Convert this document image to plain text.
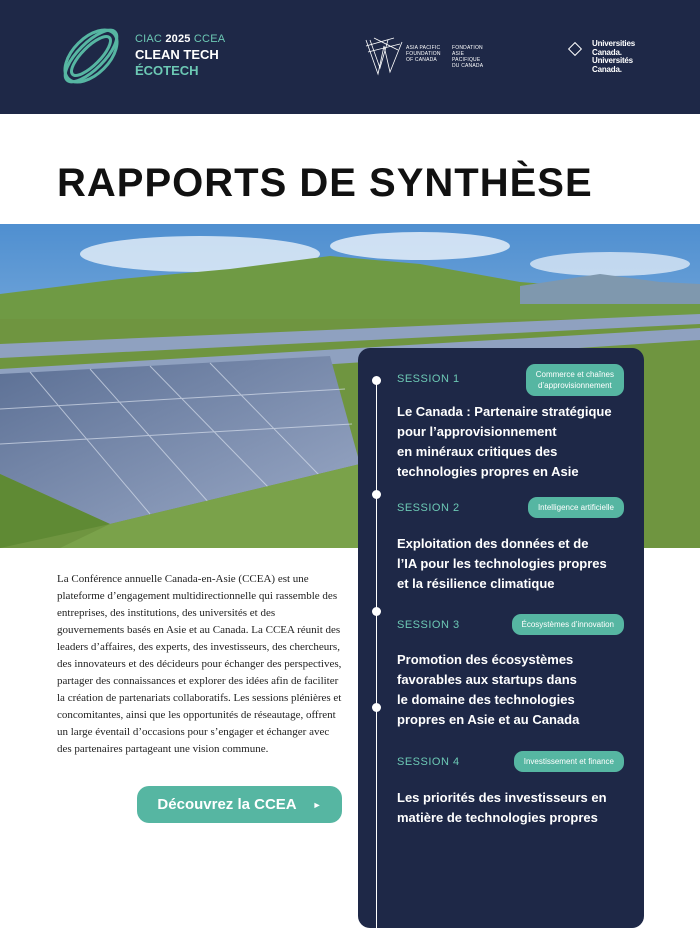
CIAC 2025 CCEA
CLEAN TECH
ÉCOTECH
ASIA PACIFIC
FOUNDATION
OF CANADA
FONDATION
ASIE PACIFIQUE
DU CANADA
Universities
Canada.
Universités
Canada.
RAPPORTS DE SYNTHÈSE

La Conférence annuelle Canada-en-Asie (CCEA) est une plateforme d’engagement multidirectionnelle qui rassemble des entreprises, des institutions, des universités et des gouvernements basés en Asie et au Canada. La CCEA réunit des leaders d’affaires, des experts, des investisseurs, des chercheurs, des innovateurs et des décideurs pour échanger des perspectives, partager des connaissances et explorer des idées afin de faciliter la création de partenariats collaboratifs. Les sessions plénières et concomitantes, ainsi que les opportunités de réseautage, offrent un large éventail d’occasions pour s’engager et échanger avec des partenaires partageant une vision commune.

Découvrez la CCEA ►
SESSION 1	Commerce et chaînes
d’approvisionnement
Le Canada : Partenaire stratégique
pour l’approvisionnement
en minéraux critiques des
technologies propres en Asie
SESSION 2	Intelligence artificielle
Exploitation des données et de
l’IA pour les technologies propres
et la résilience climatique
SESSION 3	Écosystèmes d’innovation
Promotion des écosystèmes
favorables aux startups dans
le domaine des technologies
propres en Asie et au Canada
SESSION 4	Investissement et finance
Les priorités des investisseurs en
matière de technologies propres
